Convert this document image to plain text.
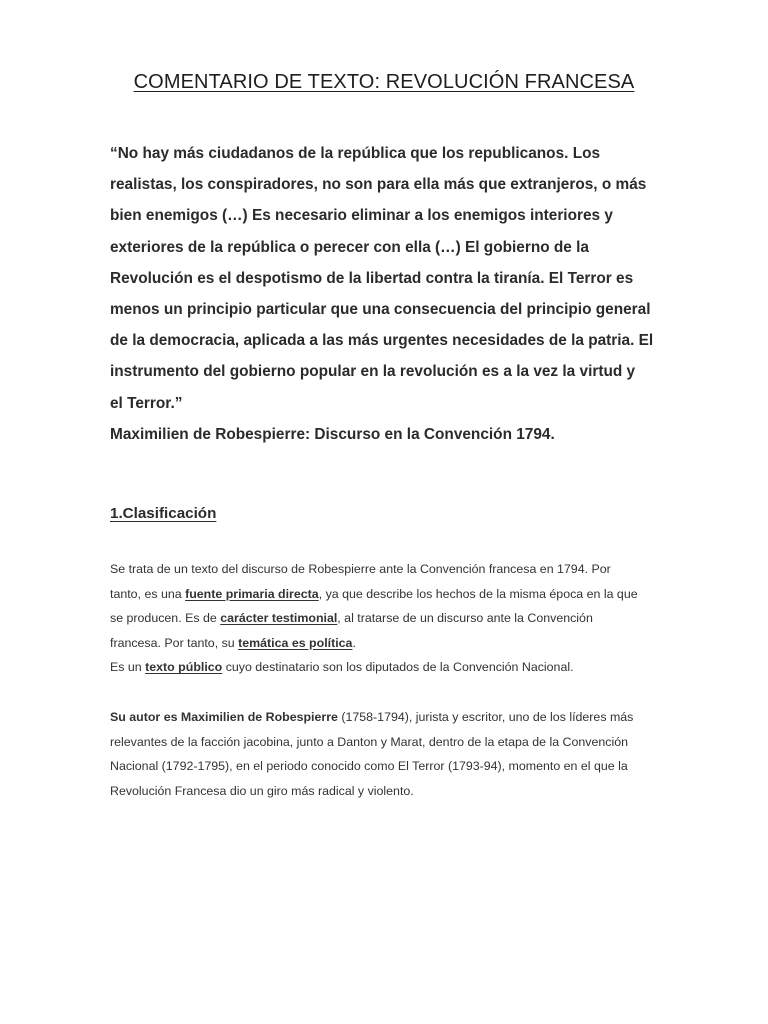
COMENTARIO DE TEXTO: REVOLUCIÓN FRANCESA
“No hay más ciudadanos de la república que los republicanos. Los
realistas, los conspiradores, no son para ella más que extranjeros, o más
bien enemigos (…) Es necesario eliminar a los enemigos interiores y
exteriores de la república o perecer con ella (…) El gobierno de la
Revolución es el despotismo de la libertad contra la tiranía. El Terror es
menos un principio particular que una consecuencia del principio general
de la democracia, aplicada a las más urgentes necesidades de la patria. El
instrumento del gobierno popular en la revolución es a la vez la virtud y
el Terror.”
Maximilien de Robespierre: Discurso en la Convención 1794.
1.Clasificación
Se trata de un texto del discurso de Robespierre ante la Convención francesa en 1794. Por
tanto, es una fuente primaria directa, ya que describe los hechos de la misma época en la que
se producen. Es de carácter testimonial, al tratarse de un discurso ante la Convención
francesa. Por tanto, su temática es política.
Es un texto público cuyo destinatario son los diputados de la Convención Nacional.
Su autor es Maximilien de Robespierre (1758-1794), jurista y escritor, uno de los líderes más
relevantes de la facción jacobina, junto a Danton y Marat, dentro de la etapa de la Convención
Nacional (1792-1795), en el periodo conocido como El Terror (1793-94), momento en el que la
Revolución Francesa dio un giro más radical y violento.
